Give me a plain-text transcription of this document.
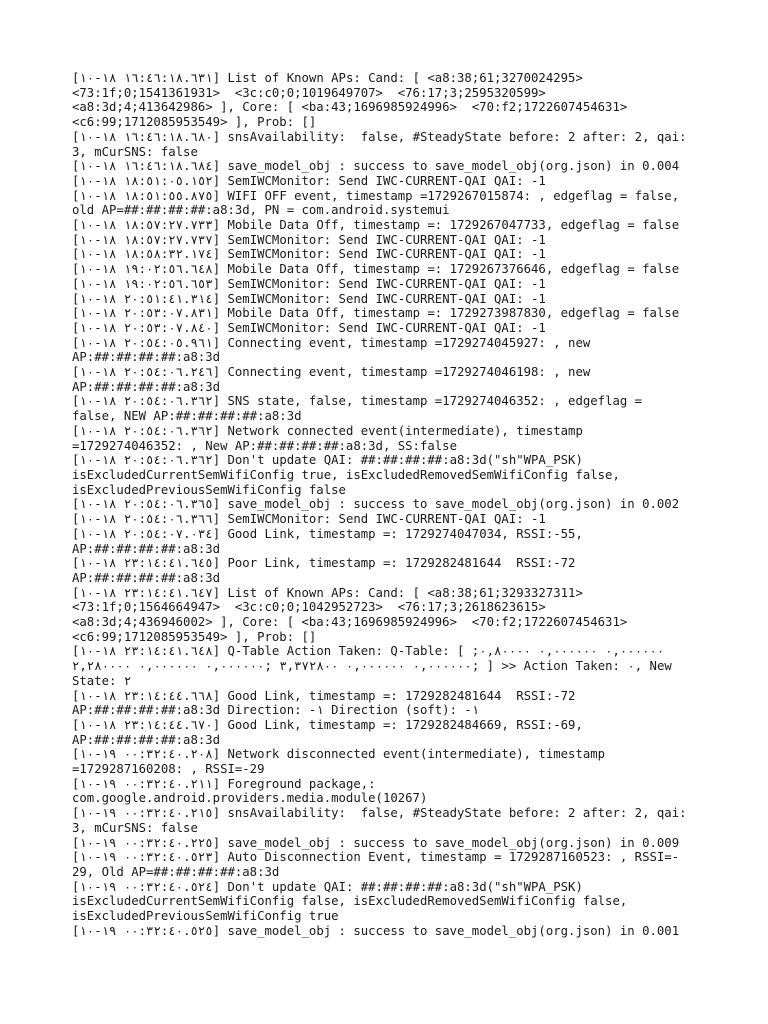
[١٦:٤٦:١٨.٦٣١ ١٨-١٠] List of Known APs: Cand: [ <a8:38;61;3270024295>
<73:1f;0;1541361931>  <3c:c0;0;1019649707>  <76:17;3;2595320599>
<a8:3d;4;413642986> ], Core: [ <ba:43;1696985924996>  <70:f2;1722607454631>
<c6:99;1712085953549> ], Prob: []
[١٦:٤٦:١٨.٦٨٠ ١٨-١٠] snsAvailability:  false, #SteadyState before: 2 after: 2, qai:
3, mCurSNS: false
[١٦:٤٦:١٨.٦٨٤ ١٨-١٠] save_model_obj : success to save_model_obj(org.json) in 0.004
[١٨:٥١:٠٥.١٥٢ ١٨-١٠] SemIWCMonitor: Send IWC-CURRENT-QAI QAI: -1
[١٨:٥١:٥٥.٨٧٥ ١٨-١٠] WIFI OFF event, timestamp =1729267015874: , edgeflag = false,
old AP=##:##:##:##:a8:3d, PN = com.android.systemui
[١٨:٥٧:٢٧.٧٣٣ ١٨-١٠] Mobile Data Off, timestamp =: 1729267047733, edgeflag = false
[١٨:٥٧:٢٧.٧٣٧ ١٨-١٠] SemIWCMonitor: Send IWC-CURRENT-QAI QAI: -1
[١٨:٥٨:٣٢.١٧٤ ١٨-١٠] SemIWCMonitor: Send IWC-CURRENT-QAI QAI: -1
[١٩:٠٢:٥٦.٦٤٨ ١٨-١٠] Mobile Data Off, timestamp =: 1729267376646, edgeflag = false
[١٩:٠٢:٥٦.٦٥٣ ١٨-١٠] SemIWCMonitor: Send IWC-CURRENT-QAI QAI: -1
[٢٠:٥١:٤١.٣١٤ ١٨-١٠] SemIWCMonitor: Send IWC-CURRENT-QAI QAI: -1
[٢٠:٥٣:٠٧.٨٣١ ١٨-١٠] Mobile Data Off, timestamp =: 1729273987830, edgeflag = false
[٢٠:٥٣:٠٧.٨٤٠ ١٨-١٠] SemIWCMonitor: Send IWC-CURRENT-QAI QAI: -1
[٢٠:٥٤:٠٥.٩٦١ ١٨-١٠] Connecting event, timestamp =1729274045927: , new
AP:##:##:##:##:a8:3d
[٢٠:٥٤:٠٦.٢٤٦ ١٨-١٠] Connecting event, timestamp =1729274046198: , new
AP:##:##:##:##:a8:3d
[٢٠:٥٤:٠٦.٣٦٢ ١٨-١٠] SNS state, false, timestamp =1729274046352: , edgeflag =
false, NEW AP:##:##:##:##:a8:3d
[٢٠:٥٤:٠٦.٣٦٢ ١٨-١٠] Network connected event(intermediate), timestamp
=1729274046352: , New AP:##:##:##:##:a8:3d, SS:false
[٢٠:٥٤:٠٦.٣٦٢ ١٨-١٠] Don't update QAI: ##:##:##:##:a8:3d("sh"WPA_PSK)
isExcludedCurrentSemWifiConfig true, isExcludedRemovedSemWifiConfig false,
isExcludedPreviousSemWifiConfig false
[٢٠:٥٤:٠٦.٣٦٥ ١٨-١٠] save_model_obj : success to save_model_obj(org.json) in 0.002
[٢٠:٥٤:٠٦.٣٦٦ ١٨-١٠] SemIWCMonitor: Send IWC-CURRENT-QAI QAI: -1
[٢٠:٥٤:٠٧.٠٣٤ ١٨-١٠] Good Link, timestamp =: 1729274047034, RSSI:-55,
AP:##:##:##:##:a8:3d
[٢٣:١٤:٤١.٦٤٥ ١٨-١٠] Poor Link, timestamp =: 1729282481644  RSSI:-72
AP:##:##:##:##:a8:3d
[٢٣:١٤:٤١.٦٤٧ ١٨-١٠] List of Known APs: Cand: [ <a8:38;61;3293327311>
<73:1f;0;1564664947>  <3c:c0;0;1042952723>  <76:17;3;2618623615>
<a8:3d;4;436946002> ], Core: [ <ba:43;1696985924996>  <70:f2;1722607454631>
<c6:99;1712085953549> ], Prob: []
[٢٣:١٤:٤١.٦٤٨ ١٨-١٠] Q-Table Action Taken: Q-Table: [ ;٠,٠٠٠٠٠٠ ٠,٠٠٠٠٠٠ ٠,٨٠٠٠٠
٠,٠٠٠٠٠٠ ٠,٠٠٠٠٠٠ ٣,٣٧٢٨٠٠ ;٠,٠٠٠٠٠٠ ٠,٠٠٠٠٠٠ ٢,٢٨٠٠٠٠; ] >> Action Taken: ٠, New
State: ٢
[٢٣:١٤:٤٤.٦٦٨ ١٨-١٠] Good Link, timestamp =: 1729282481644  RSSI:-72
AP:##:##:##:##:a8:3d Direction: -١ Direction (soft): -١
[٢٣:١٤:٤٤.٦٧٠ ١٨-١٠] Good Link, timestamp =: 1729282484669, RSSI:-69,
AP:##:##:##:##:a8:3d
[٠٠:٣٢:٤٠.٢٠٨ ١٩-١٠] Network disconnected event(intermediate), timestamp
=1729287160208: , RSSI=-29
[٠٠:٣٢:٤٠.٢١١ ١٩-١٠] Foreground package,:
com.google.android.providers.media.module(10267)
[٠٠:٣٢:٤٠.٢١٥ ١٩-١٠] snsAvailability:  false, #SteadyState before: 2 after: 2, qai:
3, mCurSNS: false
[٠٠:٣٢:٤٠.٢٢٥ ١٩-١٠] save_model_obj : success to save_model_obj(org.json) in 0.009
[٠٠:٣٢:٤٠.٥٢٣ ١٩-١٠] Auto Disconnection Event, timestamp = 1729287160523: , RSSI=-
29, Old AP=##:##:##:##:a8:3d
[٠٠:٣٢:٤٠.٥٢٤ ١٩-١٠] Don't update QAI: ##:##:##:##:a8:3d("sh"WPA_PSK)
isExcludedCurrentSemWifiConfig false, isExcludedRemovedSemWifiConfig false,
isExcludedPreviousSemWifiConfig true
[٠٠:٣٢:٤٠.٥٢٥ ١٩-١٠] save_model_obj : success to save_model_obj(org.json) in 0.001
